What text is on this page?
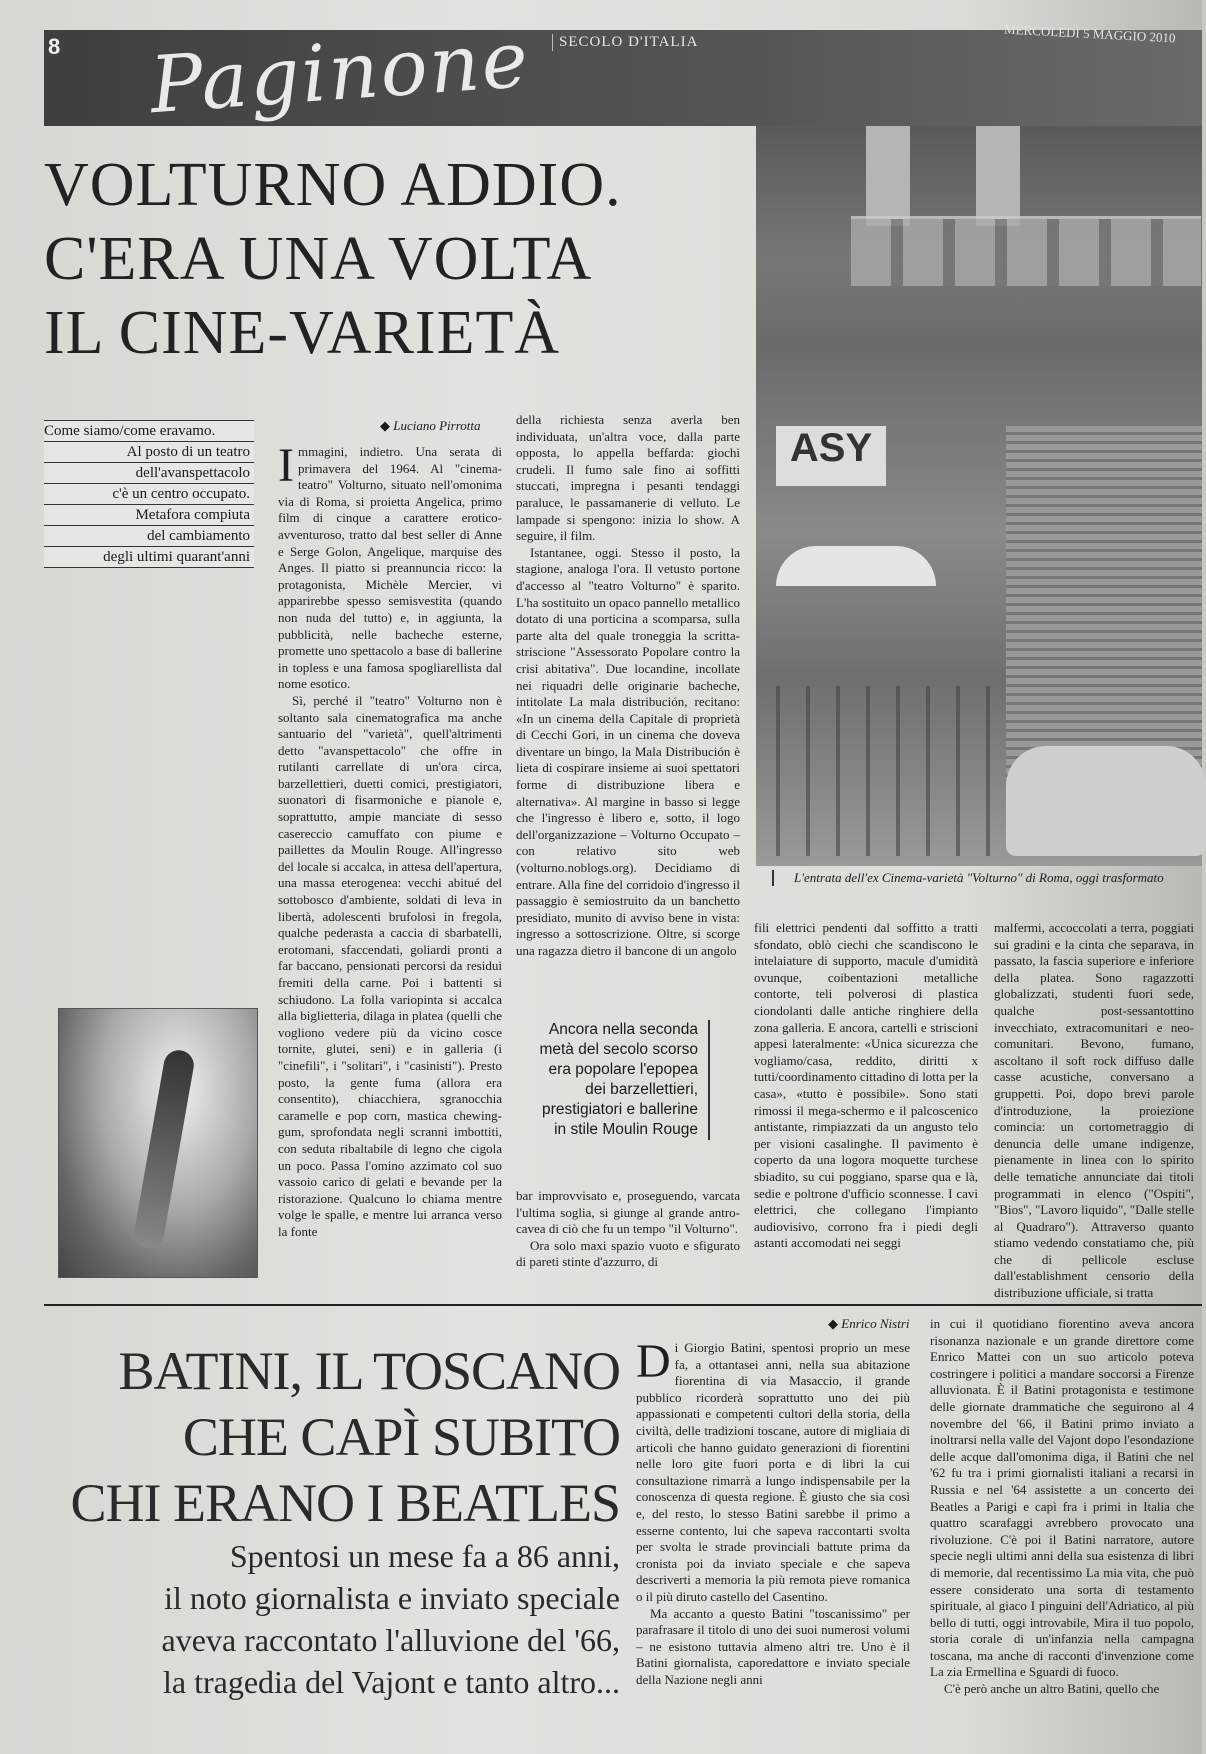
8 Paginone	SECOLO D'ITALIA	MERCOLEDÌ 5 MAGGIO 2010
ASY
L'entrata dell'ex Cinema-varietà "Volturno" di Roma, oggi trasformato
VOLTURNO ADDIO.
C'ERA UNA VOLTA
IL CINE-VARIETÀ
Come siamo/come eravamo.
Al posto di un teatro
dell'avanspettacolo
c'è un centro occupato.
Metafora compiuta
del cambiamento
degli ultimi quarant'anni
◆ Luciano Pirrotta

Immagini, indietro. Una serata di primavera del 1964. Al "cinema-teatro" Volturno, situato nell'omonima via di Roma, si proietta Angelica, primo film di cinque a carattere erotico-avventuroso, tratto dal best seller di Anne e Serge Golon, Angelique, marquise des Anges. Il piatto si preannuncia ricco: la protagonista, Michèle Mercier, vi apparirebbe spesso semisvestita (quando non nuda del tutto) e, in aggiunta, la pubblicità, nelle bacheche esterne, promette uno spettacolo a base di ballerine in topless e una famosa spogliarellista dal nome esotico.

Sì, perché il "teatro" Volturno non è soltanto sala cinematografica ma anche santuario del "varietà", quell'altrimenti detto "avanspettacolo" che offre in rutilanti carrellate di un'ora circa, barzellettieri, duetti comici, prestigiatori, suonatori di fisarmoniche e pianole e, soprattutto, ampie manciate di sesso casereccio camuffato con piume e paillettes da Moulin Rouge. All'ingresso del locale si accalca, in attesa dell'apertura, una massa eterogenea: vecchi abitué del sottobosco d'ambiente, soldati di leva in libertà, adolescenti brufolosi in fregola, qualche pederasta a caccia di sbarbatelli, erotomani, sfaccendati, goliardi pronti a far baccano, pensionati percorsi da residui fremiti della carne. Poi i battenti si schiudono. La folla variopinta si accalca alla biglietteria, dilaga in platea (quelli che vogliono vedere più da vicino cosce tornite, glutei, seni) e in galleria (i "cinefili", i "solitari", i "casinisti"). Presto posto, la gente fuma (allora era consentito), chiacchiera, sgranocchia caramelle e pop corn, mastica chewing-gum, sprofondata negli scranni imbottiti, con seduta ribaltabile di legno che cigola un poco. Passa l'omino azzimato col suo vassoio carico di gelati e bevande per la ristorazione. Qualcuno lo chiama mentre volge le spalle, e mentre lui arranca verso la fonte

della richiesta senza averla ben individuata, un'altra voce, dalla parte opposta, lo appella beffarda: giochi crudeli. Il fumo sale fino ai soffitti stuccati, impregna i pesanti tendaggi paraluce, le passamanerie di velluto. Le lampade si spengono: inizia lo show. A seguire, il film.

Istantanee, oggi. Stesso il posto, la stagione, analoga l'ora. Il vetusto portone d'accesso al "teatro Volturno" è sparito. L'ha sostituito un opaco pannello metallico dotato di una porticina a scomparsa, sulla parte alta del quale troneggia la scritta-striscione "Assessorato Popolare contro la crisi abitativa". Due locandine, incollate nei riquadri delle originarie bacheche, intitolate La mala distribución, recitano: «In un cinema della Capitale di proprietà di Cecchi Gori, in un cinema che doveva diventare un bingo, la Mala Distribución è lieta di cospirare insieme ai suoi spettatori forme di distribuzione libera e alternativa». Al margine in basso si legge che l'ingresso è libero e, sotto, il logo dell'organizzazione – Volturno Occupato – con relativo sito web (volturno.noblogs.org). Decidiamo di entrare. Alla fine del corridoio d'ingresso il passaggio è semiostruito da un banchetto presidiato, munito di avviso bene in vista: ingresso a sottoscrizione. Oltre, si scorge una ragazza dietro il bancone di un angolo

Ancora nella seconda metà del secolo scorso era popolare l'epopea dei barzellettieri, prestigiatori e ballerine in stile Moulin Rouge

bar improvvisato e, proseguendo, varcata l'ultima soglia, si giunge al grande antro-cavea di ciò che fu un tempo "il Volturno".

Ora solo maxi spazio vuoto e sfigurato di pareti stinte d'azzurro, di

fili elettrici pendenti dal soffitto a tratti sfondato, oblò ciechi che scandiscono le intelaiature di supporto, macule d'umidità ovunque, coibentazioni metalliche contorte, teli polverosi di plastica ciondolanti dalle antiche ringhiere della zona galleria. E ancora, cartelli e striscioni appesi lateralmente: «Unica sicurezza che vogliamo/casa, reddito, diritti x tutti/coordinamento cittadino di lotta per la casa», «tutto è possibile». Sono stati rimossi il mega-schermo e il palcoscenico antistante, rimpiazzati da un angusto telo per visioni casalinghe. Il pavimento è coperto da una logora moquette turchese sbiadito, su cui poggiano, sparse qua e là, sedie e poltrone d'ufficio sconnesse. I cavi elettrici, che collegano l'impianto audiovisivo, corrono fra i piedi degli astanti accomodati nei seggi

malfermi, accoccolati a terra, poggiati sui gradini e la cinta che separava, in passato, la fascia superiore e inferiore della platea. Sono ragazzotti globalizzati, studenti fuori sede, qualche post-sessantottino invecchiato, extracomunitari e neo-comunitari. Bevono, fumano, ascoltano il soft rock diffuso dalle casse acustiche, conversano a gruppetti. Poi, dopo brevi parole d'introduzione, la proiezione comincia: un cortometraggio di denuncia delle umane indigenze, pienamente in linea con lo spirito delle tematiche annunciate dai titoli programmati in elenco ("Ospiti", "Bios", "Lavoro liquido", "Dalle stelle al Quadraro"). Attraverso quanto stiamo vedendo constatiamo che, più che di pellicole escluse dall'establishment censorio della distribuzione ufficiale, si tratta

BATINI, IL TOSCANO
CHE CAPÌ SUBITO
CHI ERANO I BEATLES
Spentosi un mese fa a 86 anni,
il noto giornalista e inviato speciale
aveva raccontato l'alluvione del '66,
la tragedia del Vajont e tanto altro...
◆ Enrico Nistri

Di Giorgio Batini, spentosi proprio un mese fa, a ottantasei anni, nella sua abitazione fiorentina di via Masaccio, il grande pubblico ricorderà soprattutto uno dei più appassionati e competenti cultori della storia, della civiltà, delle tradizioni toscane, autore di migliaia di articoli che hanno guidato generazioni di fiorentini nelle loro gite fuori porta e di libri la cui consultazione rimarrà a lungo indispensabile per la conoscenza di questa regione. È giusto che sia così e, del resto, lo stesso Batini sarebbe il primo a esserne contento, lui che sapeva raccontarti svolta per svolta le strade provinciali battute prima da cronista poi da inviato speciale e che sapeva descriverti a memoria la più remota pieve romanica o il più diruto castello del Casentino.

Ma accanto a questo Batini "toscanissimo" per parafrasare il titolo di uno dei suoi numerosi volumi – ne esistono tuttavia almeno altri tre. Uno è il Batini giornalista, caporedattore e inviato speciale della Nazione negli anni

in cui il quotidiano fiorentino aveva ancora risonanza nazionale e un grande direttore come Enrico Mattei con un suo articolo poteva costringere i politici a mandare soccorsi a Firenze alluvionata. È il Batini protagonista e testimone delle giornate drammatiche che seguirono al 4 novembre del '66, il Batini primo inviato a inoltrarsi nella valle del Vajont dopo l'esondazione delle acque dall'omonima diga, il Batini che nel '62 fu tra i primi giornalisti italiani a recarsi in Russia e nel '64 assistette a un concerto dei Beatles a Parigi e capì fra i primi in Italia che quattro scarafaggi avrebbero provocato una rivoluzione. C'è poi il Batini narratore, autore specie negli ultimi anni della sua esistenza di libri di memorie, dal recentissimo La mia vita, che può essere considerato una sorta di testamento spirituale, al giaco I pinguini dell'Adriatico, al più bello di tutti, oggi introvabile, Mira il tuo popolo, storia corale di un'infanzia nella campagna toscana, ma anche di racconti d'invenzione come La zia Ermellina e Sguardi di fuoco.

C'è però anche un altro Batini, quello che
